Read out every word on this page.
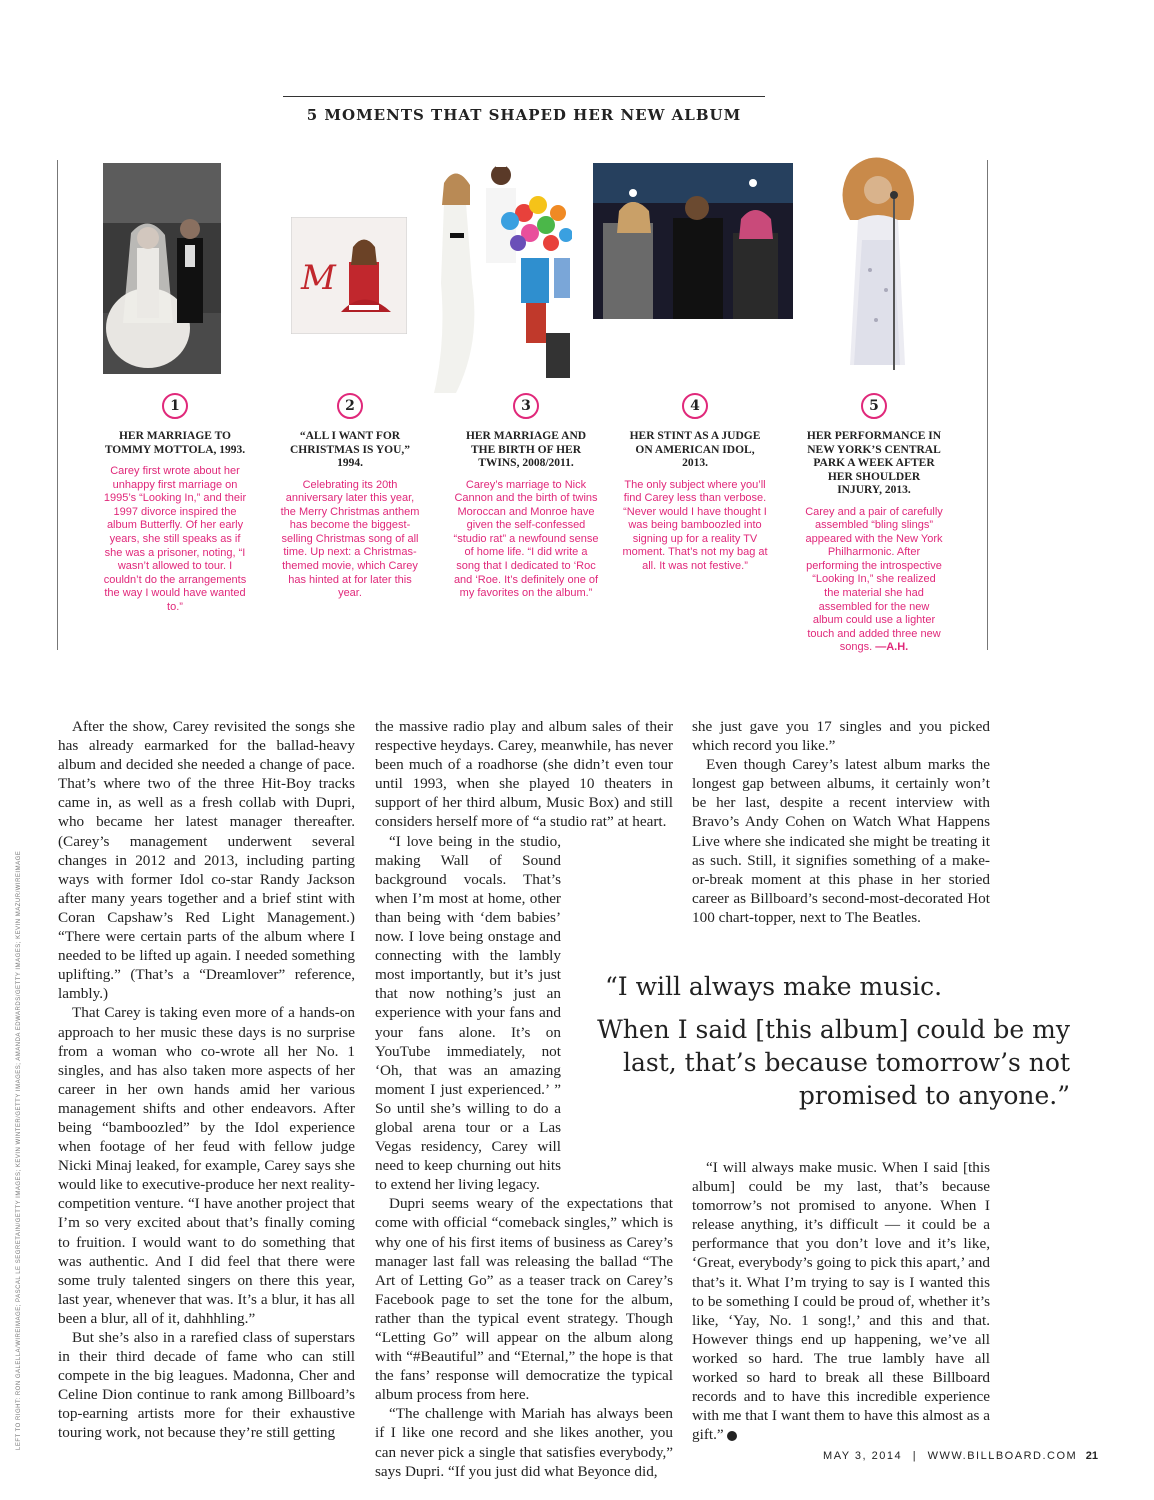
5 MOMENTS THAT SHAPED HER NEW ALBUM
M
1
HER MARRIAGE TO TOMMY MOTTOLA, 1993.
Carey first wrote about her unhappy first marriage on 1995’s “Looking In,” and their 1997 divorce inspired the album Butterfly. Of her early years, she still speaks as if she was a prisoner, noting, “I wasn’t allowed to tour. I couldn’t do the arrangements the way I would have wanted to.”
2
“ALL I WANT FOR CHRISTMAS IS YOU,” 1994.
Celebrating its 20th anniversary later this year, the Merry Christmas anthem has become the biggest-selling Christmas song of all time. Up next: a Christmas-themed movie, which Carey has hinted at for later this year.
3
HER MARRIAGE AND THE BIRTH OF HER TWINS, 2008/2011.
Carey’s marriage to Nick Cannon and the birth of twins Moroccan and Monroe have given the self-confessed “studio rat” a newfound sense of home life. “I did write a song that I dedicated to ‘Roc and ‘Roe. It’s definitely one of my favorites on the album.”
4
HER STINT AS A JUDGE ON AMERICAN IDOL, 2013.
The only subject where you’ll find Carey less than verbose. “Never would I have thought I was being bamboozled into signing up for a reality TV moment. That’s not my bag at all. It was not festive.”
5
HER PERFORMANCE IN NEW YORK’S CENTRAL PARK A WEEK AFTER HER SHOULDER INJURY, 2013.
Carey and a pair of carefully assembled “bling slings” appeared with the New York Philharmonic. After performing the introspective “Looking In,” she realized the material she had assembled for the new album could use a lighter touch and added three new songs. —A.H.

After the show, Carey revisited the songs she has already earmarked for the ballad-heavy album and decided she needed a change of pace. That’s where two of the three Hit-Boy tracks came in, as well as a fresh collab with Dupri, who became her latest manager thereafter. (Carey’s management underwent several changes in 2012 and 2013, including parting ways with former Idol co-star Randy Jackson after many years together and a brief stint with Coran Capshaw’s Red Light Management.) “There were certain parts of the album where I needed to be lifted up again. I needed something uplifting.” (That’s a “Dreamlover” reference, lambly.)

That Carey is taking even more of a hands-on approach to her music these days is no surprise from a woman who co-wrote all her No. 1 singles, and has also taken more aspects of her career in her own hands amid her various management shifts and other endeavors. After being “bamboozled” by the Idol experience when footage of her feud with fellow judge Nicki Minaj leaked, for example, Carey says she would like to executive-produce her next reality-competition venture. “I have another project that I’m so very excited about that’s finally coming to fruition. I would want to do something that was authentic. And I did feel that there were some truly talented singers on there this year, last year, whenever that was. It’s a blur, it has all been a blur, all of it, dahhhling.”

But she’s also in a rarefied class of superstars in their third decade of fame who can still compete in the big leagues. Madonna, Cher and Celine Dion continue to rank among Billboard’s top-earning artists more for their exhaustive touring work, not because they’re still getting

the massive radio play and album sales of their respective heydays. Carey, meanwhile, has never been much of a roadhorse (she didn’t even tour until 1993, when she played 10 theaters in support of her third album, Music Box) and still considers herself more of “a studio rat” at heart.

“I love being in the studio, making Wall of Sound background vocals. That’s when I’m most at home, other than being with ‘dem babies’ now. I love being onstage and connecting with the lambly most importantly, but it’s just that now nothing’s just an experience with your fans and your fans alone. It’s on YouTube immediately, not ‘Oh, that was an amazing moment I just experienced.’ ” So until she’s willing to do a global arena tour or a Las Vegas residency, Carey will need to keep churning out hits to extend her living legacy.

Dupri seems weary of the expectations that come with official “comeback singles,” which is why one of his first items of business as Carey’s manager last fall was releasing the ballad “The Art of Letting Go” as a teaser track on Carey’s Facebook page to set the tone for the album, rather than the typical event strategy. Though “Letting Go” will appear on the album along with “#Beautiful” and “Eternal,” the hope is that the fans’ response will democratize the typical album process from here.

“The challenge with Mariah has always been if I like one record and she likes another, you can never pick a single that satisfies everybody,” says Dupri. “If you just did what Beyonce did,

she just gave you 17 singles and you picked which record you like.”

Even though Carey’s latest album marks the longest gap between albums, it certainly won’t be her last, despite a recent interview with Bravo’s Andy Cohen on Watch What Happens Live where she indicated she might be treating it as such. Still, it signifies something of a make-or-break moment at this phase in her storied career as Billboard’s second-most-decorated Hot 100 chart-topper, next to The Beatles.

“I will always make music. When I said [this album] could be my last, that’s because tomorrow’s not promised to anyone. When I release anything, it’s difficult — it could be a performance that you don’t love and it’s like, ‘Great, everybody’s going to pick this apart,’ and that’s it. What I’m trying to say is I wanted this to be something I could be proud of, whether it’s like, ‘Yay, No. 1 song!,’ and this and that. However things end up happening, we’ve all worked so hard. The true lambly have all worked so hard to break all these Billboard records and to have this incredible experience with me that I want them to have this almost as a gift.”

“I will always make music.
When I said [this album] could be my last, that’s because tomorrow’s not promised to anyone.”
LEFT TO RIGHT: RON GALELLA/WIREIMAGE; PASCAL LE SEGRETAIN/GETTY IMAGES; KEVIN WINTER/GETTY IMAGES; AMANDA EDWARDS/GETTY IMAGES; KEVIN MAZUR/WIREIMAGE
MAY 3, 2014 | WWW.BILLBOARD.COM 21
